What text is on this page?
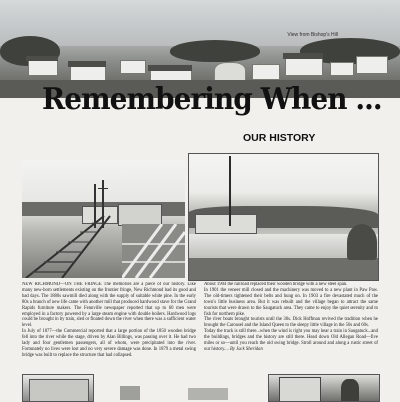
View from Bishop's Hill
Remembering When ...
OUR HISTORY

NEW RICHMOND—ON THE FRINGE The memories are a piece of our history. Like many new-born settlements existing on the frontier fringe, New Richmond had its good and bad days. The 1880s sawmill died along with the supply of suitable white pine. In the early 80s a branch of new life came with another mill that produced hardwood stave for the Grand Rapids furniture makers. The Fennville newspaper reported that up to 60 men were employed in a factory powered by a large steam engine with double boilers. Hardwood logs could be brought in by train, sled or floated down the river when there was a sufficient water level.

In July of 1877—the Commercial reported that a large portion of the 1850 wooden bridge fell into the river while the stage, driven by Alan Billings, was passing over it. He had two lady and four gentlemen passengers, all of whom, were precipitated into the river. Fortunately no lives were lost and no very severe damage was done. In 1879 a metal swing bridge was built to replace the structure that had collapsed.

About 1904 the railroad replaced their wooden bridge with a new steel span.

In 1901 the veneer mill closed and the machinery was moved to a new plant in Paw Paw. The old-timers tightened their belts and hung on. In 1903 a fire devastated much of the town's little business area. But it was rebuilt and the village began to attract the same tourists that were drawn to the Saugatuck area. They came to enjoy the quiet serenity and to fish for northern pike.

The river boats brought tourists until the 30s. Dick Hoffman revived the tradition when he brought the Carousel and the Island Queen to the sleepy little village in the 50s and 60s.

Today the track is still there...when the wind is right you may hear a train in Saugatuck...and the buildings, bridges and the history are still there. Head down Old Allegan Road—five miles or so—until you reach the old swing bridge. Stroll around and along a rustic street of our history.... By Jack Sheridan
